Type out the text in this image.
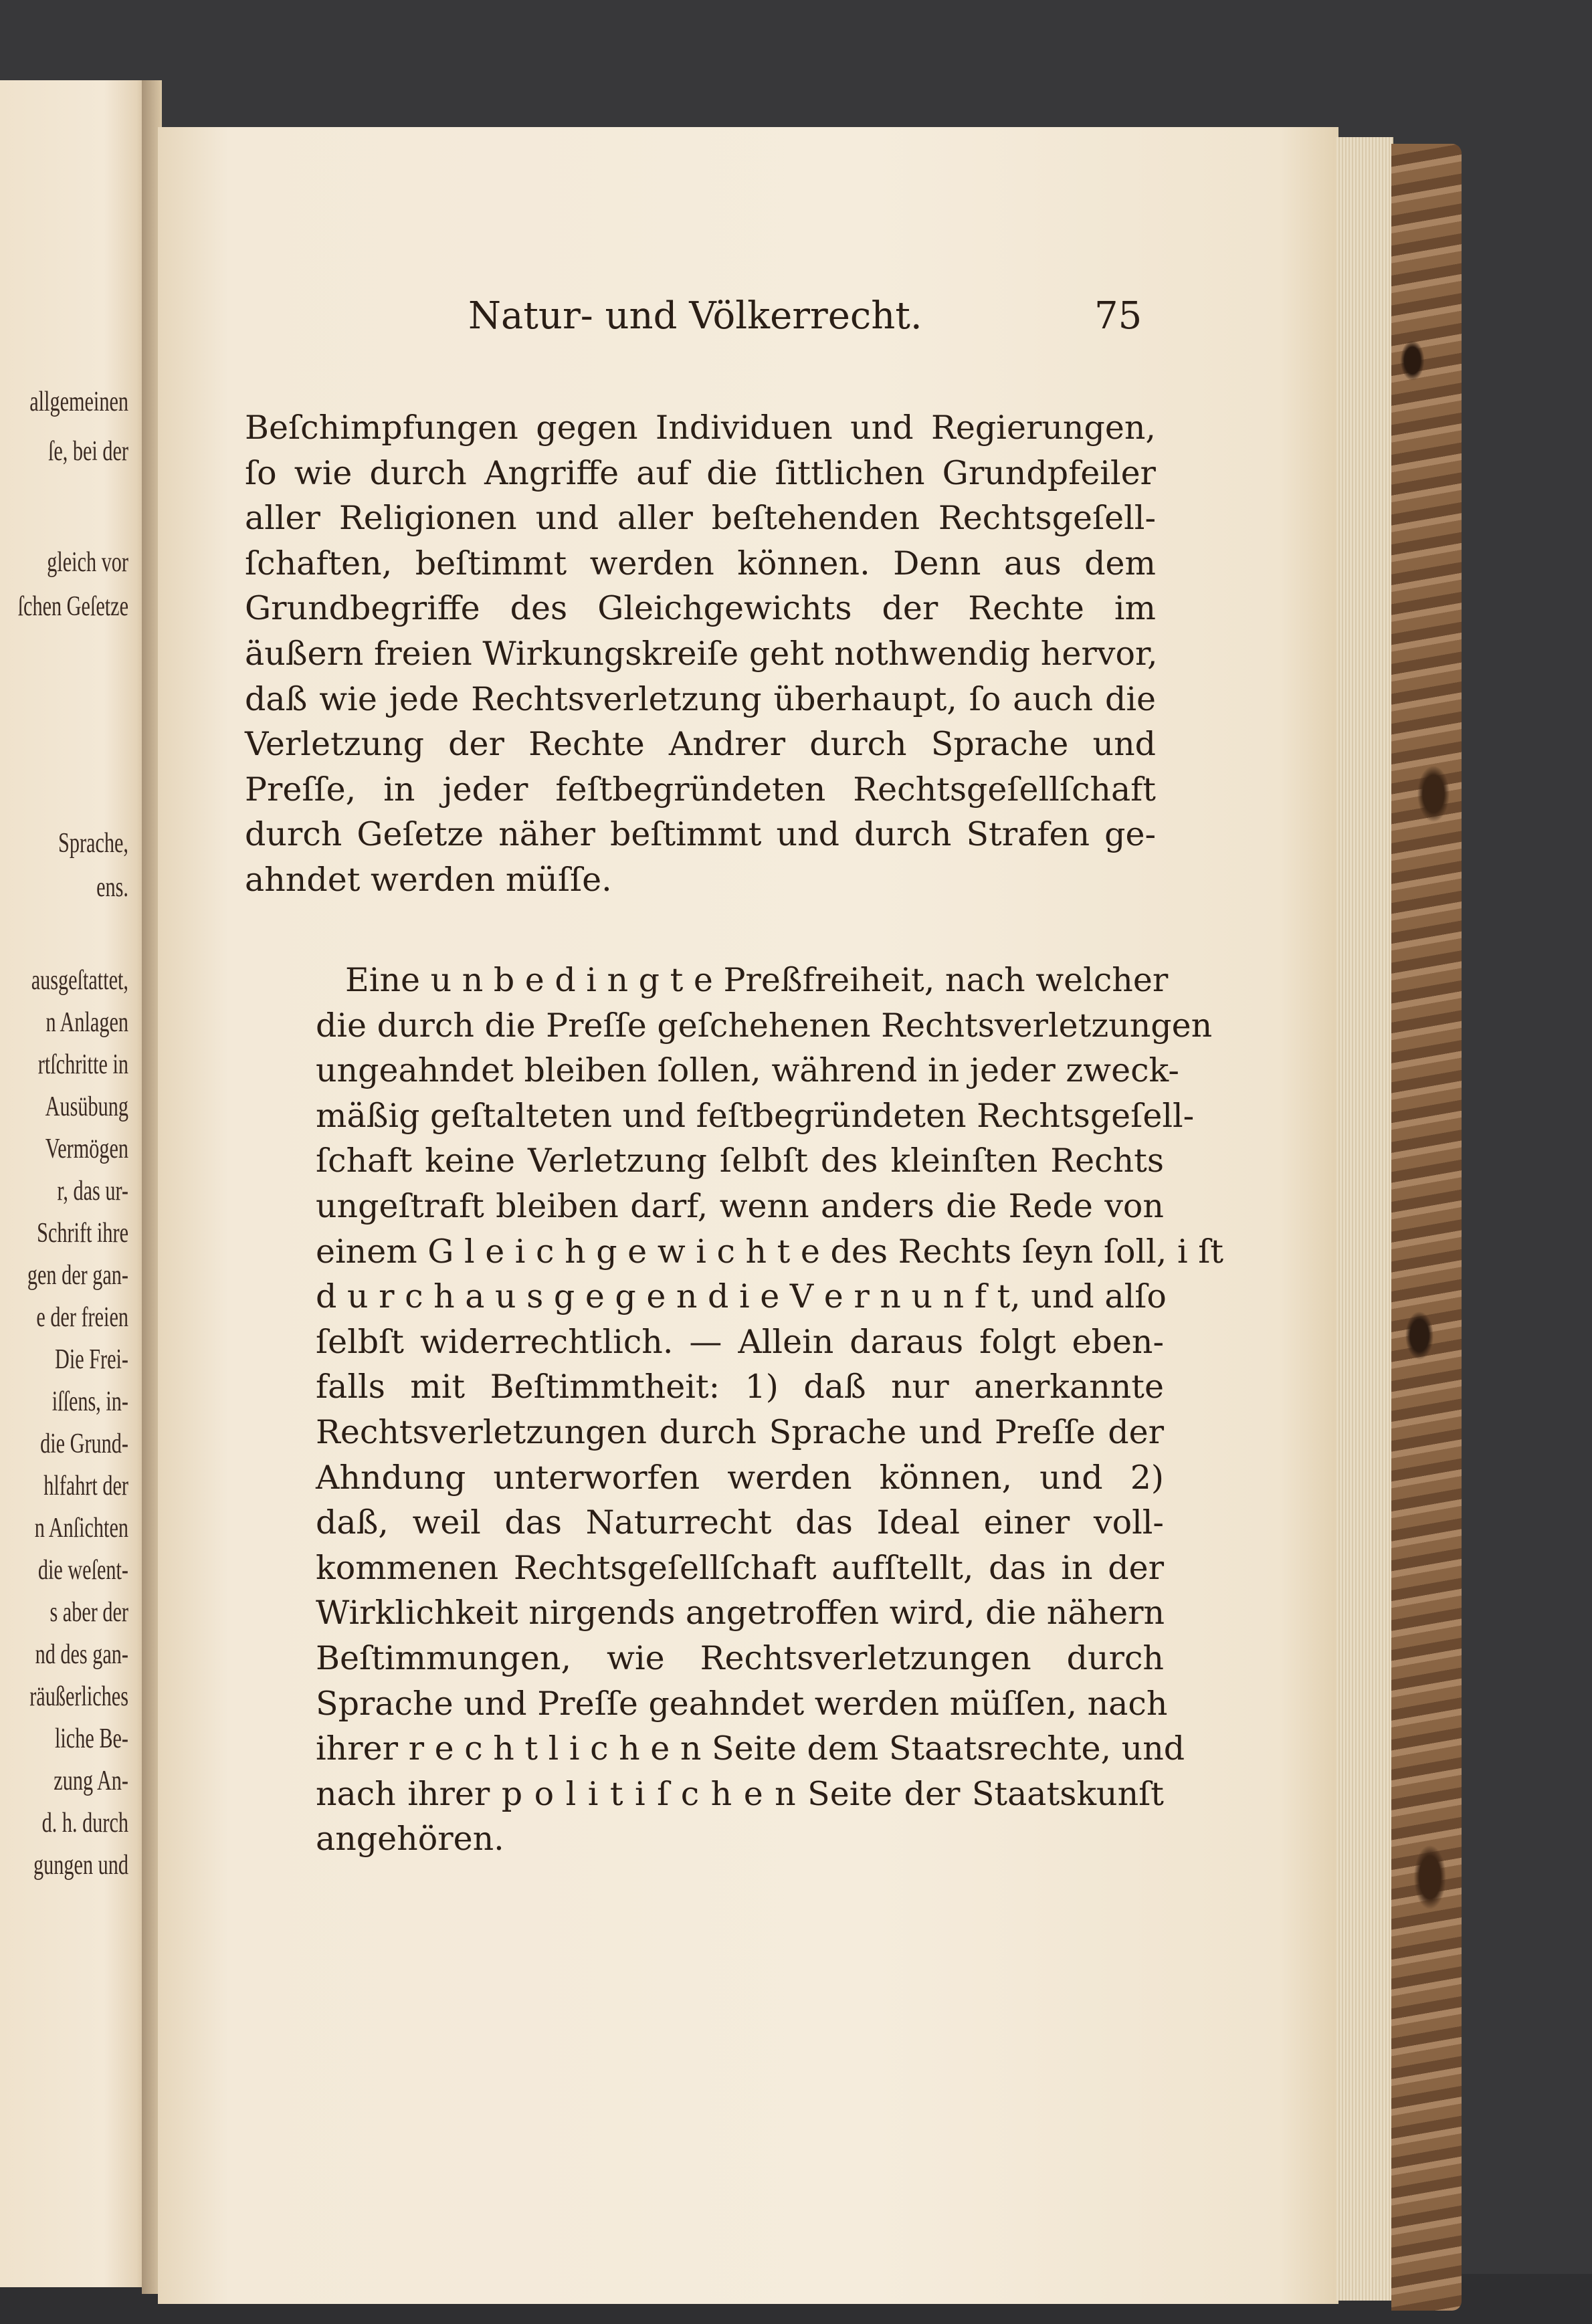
allgemeinen
ſe, bei der
gleich vor
ſchen Geſetze
Sprache,
ens.
ausgeſtattet,
n Anlagen
rtſchritte in
Ausübung
Vermögen
r, das ur-
Schrift ihre
gen der gan-
e der freien
Die Frei-
iſſens, in-
die Grund-
hlfahrt der
n Anſichten
die weſent-
s aber der
nd des gan-
räußerliches
liche Be-
zung An-
d. h. durch
gungen und
Natur- und Völkerrecht.	75
Beſchimpfungen gegen Individuen und Regierungen,
ſo wie durch Angriffe auf die ſittlichen Grundpfeiler
aller Religionen und aller beſtehenden Rechtsgeſell-
ſchaften, beſtimmt werden können. Denn aus dem
Grundbegriffe des Gleichgewichts der Rechte im
äußern freien Wirkungskreiſe geht nothwendig hervor,
daß wie jede Rechtsverletzung überhaupt, ſo auch die
Verletzung der Rechte Andrer durch Sprache und
Preſſe, in jeder feſtbegründeten Rechtsgeſellſchaft
durch Geſetze näher beſtimmt und durch Strafen ge-
ahndet werden müſſe.
Eine u n b e d i n g t e Preßfreiheit, nach welcher
die durch die Preſſe geſchehenen Rechtsverletzungen
ungeahndet bleiben ſollen, während in jeder zweck-
mäßig geſtalteten und feſtbegründeten Rechtsgeſell-
ſchaft keine Verletzung ſelbſt des kleinſten Rechts
ungeſtraft bleiben darf, wenn anders die Rede von
einem G l e i c h g e w i c h t e des Rechts ſeyn ſoll, i ſt
d u r c h a u s g e g e n d i e V e r n u n f t, und alſo
ſelbſt widerrechtlich. — Allein daraus folgt eben-
falls mit Beſtimmtheit: 1) daß nur anerkannte
Rechtsverletzungen durch Sprache und Preſſe der
Ahndung unterworfen werden können, und 2)
daß, weil das Naturrecht das Ideal einer voll-
kommenen Rechtsgeſellſchaft aufſtellt, das in der
Wirklichkeit nirgends angetroffen wird, die nähern
Beſtimmungen, wie Rechtsverletzungen durch
Sprache und Preſſe geahndet werden müſſen, nach
ihrer r e c h t l i c h e n Seite dem Staatsrechte, und
nach ihrer p o l i t i ſ c h e n Seite der Staatskunſt
angehören.
